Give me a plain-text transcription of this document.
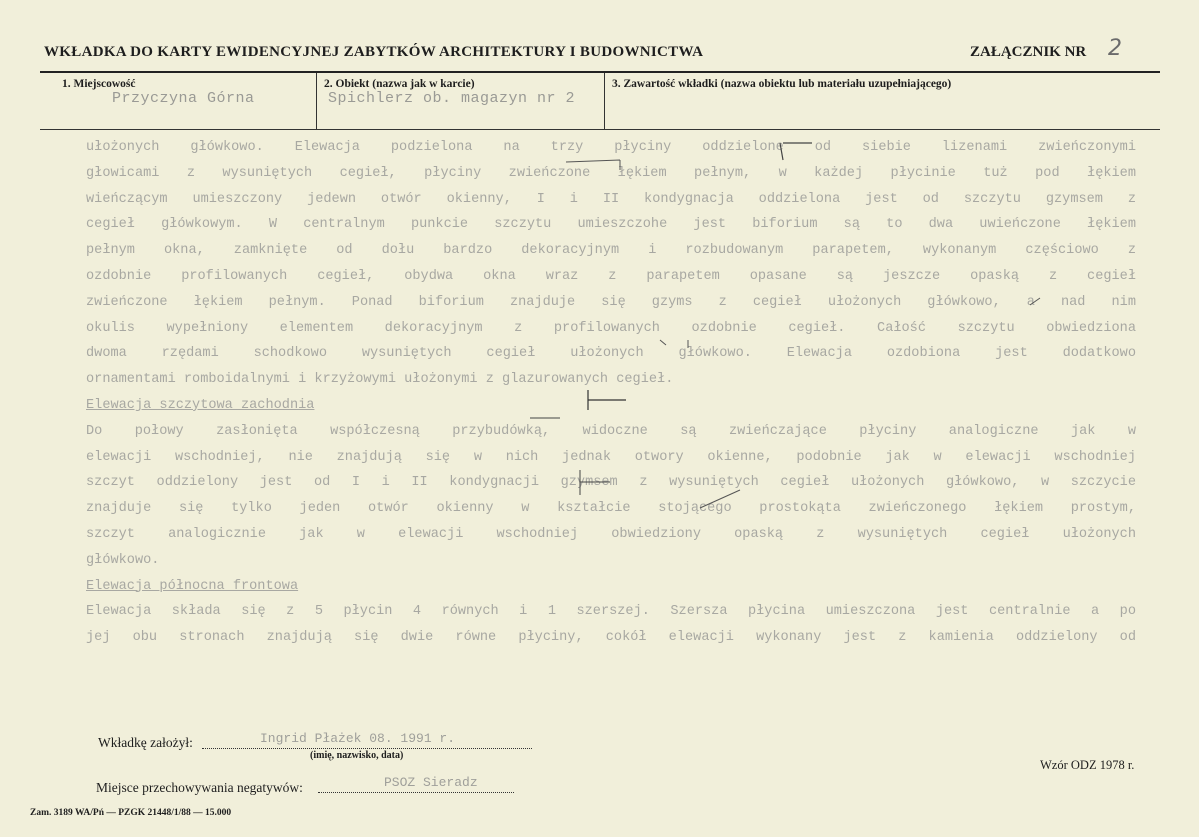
WKŁADKA DO KARTY EWIDENCYJNEJ ZABYTKÓW ARCHITEKTURY I BUDOWNICTWA	ZAŁĄCZNIK NR 2
1. Miejscowość
Przyczyna Górna
2. Obiekt (nazwa jak w karcie)
Spichlerz ob. magazyn nr 2
3. Zawartość wkładki (nazwa obiektu lub materiału uzupełniającego)
ułożonych główkowo. Elewacja podzielona na trzy płyciny oddzielone od siebie lizenami zwieńczonymi
głowicami z wysuniętych cegieł, płyciny zwieńczone łękiem pełnym, w każdej płycinie tuż pod łękiem
wieńczącym umieszczony jedewn otwór okienny, I i II kondygnacja oddzielona jest od szczytu gzymsem z
cegieł główkowym. W centralnym punkcie szczytu umieszczohe jest biforium są to dwa uwieńczone łękiem
pełnym okna, zamknięte od dołu bardzo dekoracyjnym i rozbudowanym parapetem, wykonanym częściowo z
ozdobnie profilowanych cegieł, obydwa okna wraz z parapetem opasane są jeszcze opaską z cegieł
zwieńczone łękiem pełnym. Ponad biforium znajduje się gzyms z cegieł ułożonych główkowo, a nad nim
okulis wypełniony elementem dekoracyjnym z profilowanych ozdobnie cegieł. Całość szczytu obwiedziona
dwoma rzędami schodkowo wysuniętych cegieł ułożonych główkowo. Elewacja ozdobiona jest dodatkowo
ornamentami romboidalnymi i krzyżowymi ułożonymi z glazurowanych cegieł.
Elewacja szczytowa zachodnia
Do połowy zasłonięta współczesną przybudówką, widoczne są zwieńczające płyciny analogiczne jak w
elewacji wschodniej, nie znajdują się w nich jednak otwory okienne, podobnie jak w elewacji wschodniej
szczyt oddzielony jest od I i II kondygnacji gzymsem z wysuniętych cegieł ułożonych główkowo, w szczycie
znajduje się tylko jeden otwór okienny w kształcie stojącego prostokąta zwieńczonego łękiem prostym,
szczyt analogicznie jak w elewacji wschodniej obwiedziony opaską z wysuniętych cegieł ułożonych
główkowo.
Elewacja północna frontowa
Elewacja składa się z 5 płycin 4 równych i 1 szerszej. Szersza płycina umieszczona jest centralnie a po
jej obu stronach znajdują się dwie równe płyciny, cokół elewacji wykonany jest z kamienia oddzielony od
Wkładkę założył:	Ingrid Płażek 08. 1991 r.
(imię, nazwisko, data)
Miejsce przechowywania negatywów:	PSOZ Sieradz
Wzór ODZ 1978 r.
Zam. 3189 WA/Pń — PZGK 21448/1/88 — 15.000
